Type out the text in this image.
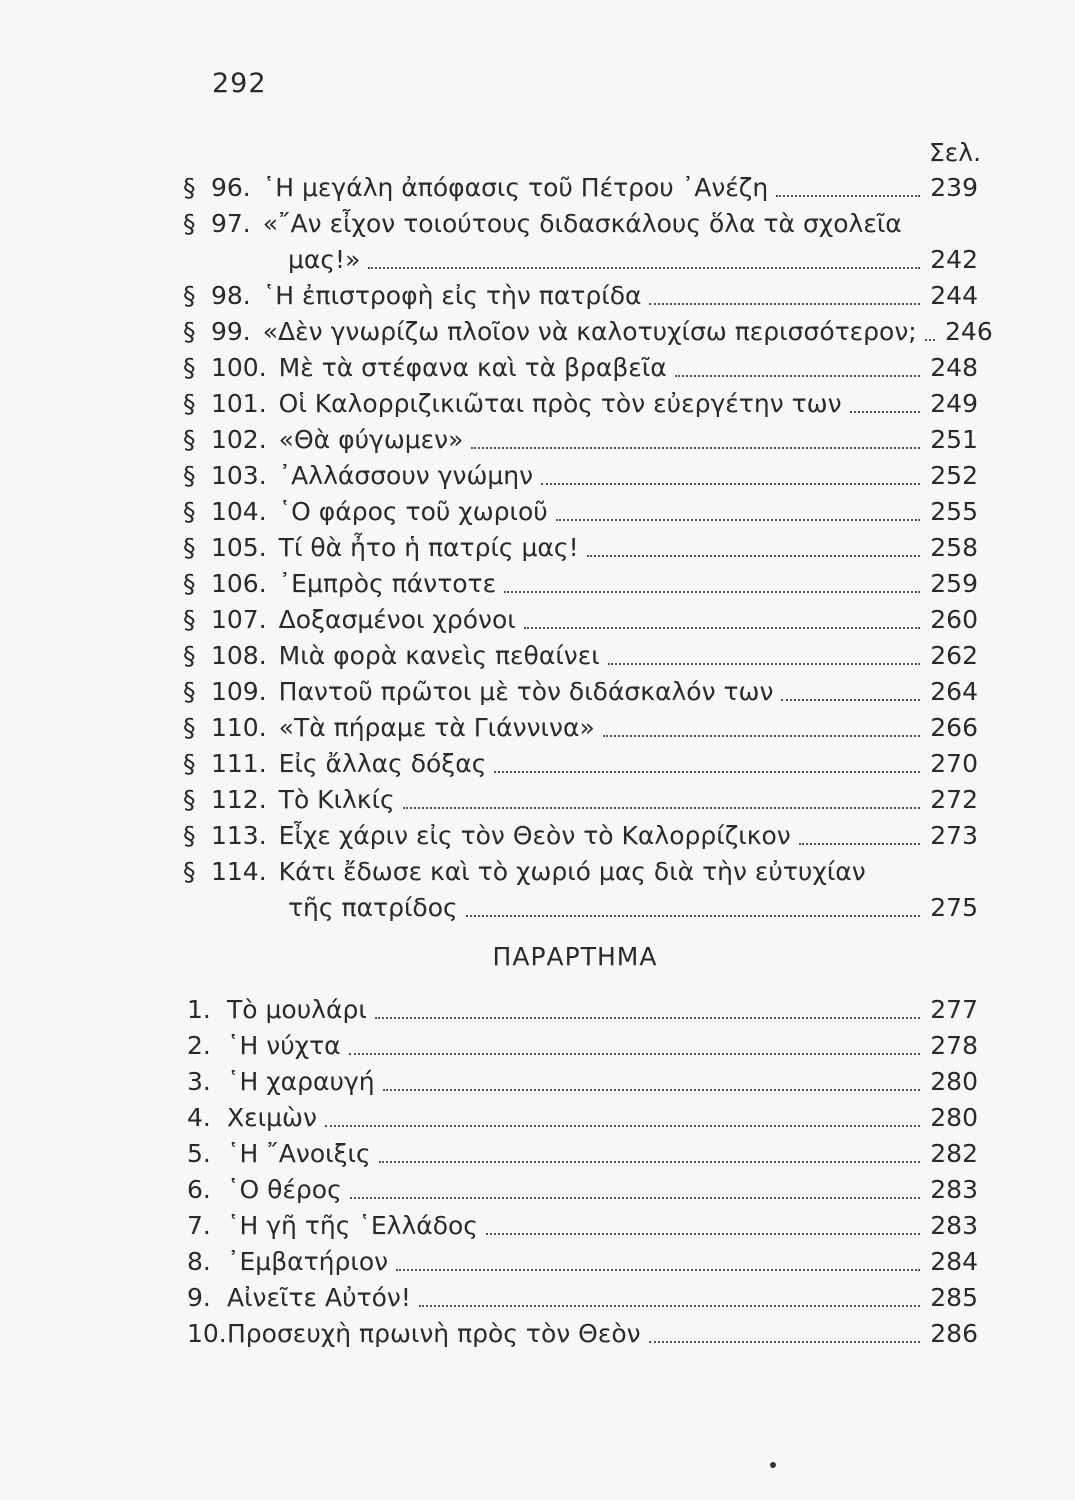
292
Σελ.
§ 96. ῾Η μεγάλη ἀπόφασις τοῦ Πέτρου ᾿Ανέζη	239
§ 97. «῎Αν εἶχον τοιούτους διδασκάλους ὅλα τὰ σχολεῖα
μας!»	242
§ 98. ῾Η ἐπιστροφὴ εἰς τὴν πατρίδα	244
§ 99. «Δὲν γνωρίζω πλοῖον νὰ καλοτυχίσω περισσότερον; 246
§ 100. Μὲ τὰ στέφανα καὶ τὰ βραβεῖα	248
§ 101. Οἱ Καλορριζικιῶται πρὸς τὸν εὐεργέτην των	249
§ 102. «Θὰ φύγωμεν»	251
§ 103. ᾿Αλλάσσουν γνώμην	252
§ 104. ῾Ο φάρος τοῦ χωριοῦ	255
§ 105. Τί θὰ ἦτο ἡ πατρίς μας!	258
§ 106. ᾿Εμπρὸς πάντοτε	259
§ 107. Δοξασμένοι χρόνοι	260
§ 108. Μιὰ φορὰ κανεὶς πεθαίνει	262
§ 109. Παντοῦ πρῶτοι μὲ τὸν διδάσκαλόν των	264
§ 110. «Τὰ πήραμε τὰ Γιάννινα»	266
§ 111. Εἰς ἄλλας δόξας	270
§ 112. Τὸ Κιλκίς	272
§ 113. Εἶχε χάριν εἰς τὸν Θεὸν τὸ Καλορρίζικον	273
§ 114. Κάτι ἔδωσε καὶ τὸ χωριό μας διὰ τὴν εὐτυχίαν
τῆς πατρίδος	275
ΠΑΡΑΡΤΗΜΑ
1. Τὸ μουλάρι	277
2. ῾Η νύχτα	278
3. ῾Η χαραυγή	280
4. Χειμὼν	280
5. ῾Η ῎Ανοιξις	282
6. ῾Ο θέρος	283
7. ῾Η γῆ τῆς ῾Ελλάδος	283
8. ᾿Εμβατήριον	284
9. Αἰνεῖτε Αὐτόν!	285
10. Προσευχὴ πρωινὴ πρὸς τὸν Θεὸν	286
